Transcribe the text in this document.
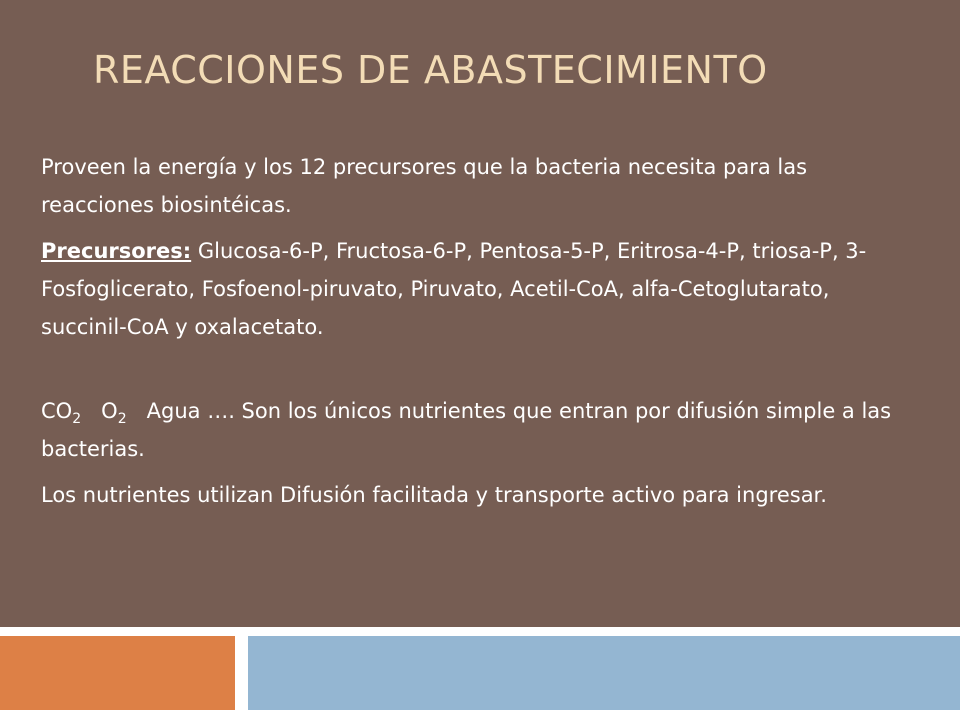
REACCIONES DE ABASTECIMIENTO

Proveen la energía y los 12 precursores que la bacteria necesita para las reacciones biosintéicas.

Precursores: Glucosa-6-P, Fructosa-6-P, Pentosa-5-P, Eritrosa-4-P, triosa-P, 3-Fosfoglicerato, Fosfoenol-piruvato, Piruvato, Acetil-CoA, alfa-Cetoglutarato, succinil-CoA y oxalacetato.

$CO_2$ $O_2$ Agua …. Son los únicos nutrientes que entran por difusión simple a las bacterias.

Los nutrientes utilizan Difusión facilitada y transporte activo para ingresar.
